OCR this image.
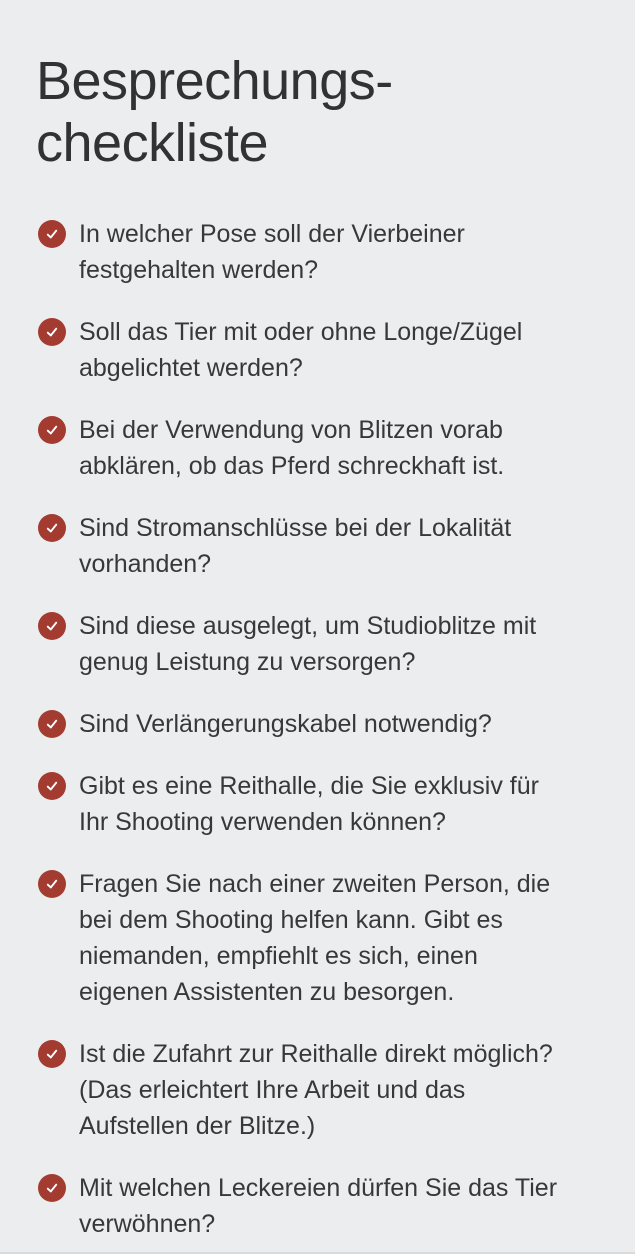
Besprechungs-
checkliste
In welcher Pose soll der Vierbeiner festgehalten werden?
Soll das Tier mit oder ohne Longe/Zügel abgelichtet werden?
Bei der Verwendung von Blitzen vorab abklären, ob das Pferd schreckhaft ist.
Sind Stromanschlüsse bei der Lokalität vorhanden?
Sind diese ausgelegt, um Studioblitze mit genug Leistung zu versorgen?
Sind Verlängerungskabel notwendig?
Gibt es eine Reithalle, die Sie exklusiv für Ihr Shooting verwenden können?
Fragen Sie nach einer zweiten Person, die bei dem Shooting helfen kann. Gibt es niemanden, empfiehlt es sich, einen eigenen Assistenten zu besorgen.
Ist die Zufahrt zur Reithalle direkt möglich? (Das erleichtert Ihre Arbeit und das Aufstellen der Blitze.)
Mit welchen Leckereien dürfen Sie das Tier verwöhnen?
